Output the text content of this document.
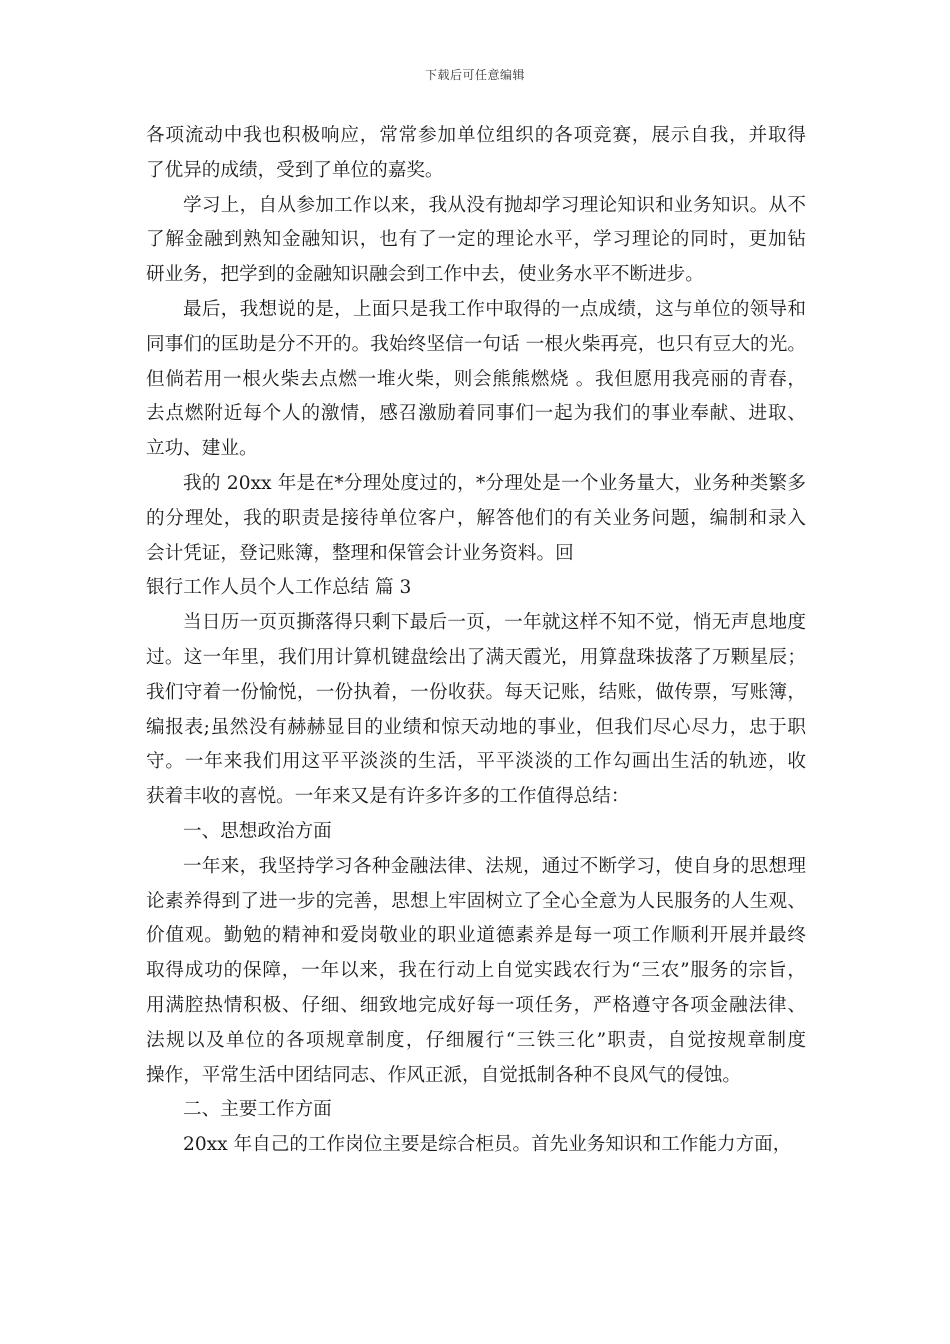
下载后可任意编辑
各项流动中我也积极响应，常常参加单位组织的各项竞赛，展示自我，并取得
了优异的成绩，受到了单位的嘉奖。
学习上，自从参加工作以来，我从没有抛却学习理论知识和业务知识。从不
了解金融到熟知金融知识，也有了一定的理论水平，学习理论的同时，更加钻
研业务，把学到的金融知识融会到工作中去，使业务水平不断进步。
最后，我想说的是，上面只是我工作中取得的一点成绩，这与单位的领导和
同事们的匡助是分不开的。我始终坚信一句话 一根火柴再亮，也只有豆大的光。
但倘若用一根火柴去点燃一堆火柴，则会熊熊燃烧 。我但愿用我亮丽的青春，
去点燃附近每个人的激情，感召激励着同事们一起为我们的事业奉献、进取、
立功、建业。
我的 20xx 年是在*分理处度过的，*分理处是一个业务量大，业务种类繁多
的分理处，我的职责是接待单位客户，解答他们的有关业务问题，编制和录入
会计凭证，登记账簿，整理和保管会计业务资料。回
银行工作人员个人工作总结 篇 3
当日历一页页撕落得只剩下最后一页，一年就这样不知不觉，悄无声息地度
过。这一年里，我们用计算机键盘绘出了满天霞光，用算盘珠拔落了万颗星辰；
我们守着一份愉悦，一份执着，一份收获。每天记账，结账，做传票，写账簿，
编报表;虽然没有赫赫显目的业绩和惊天动地的事业，但我们尽心尽力，忠于职
守。一年来我们用这平平淡淡的生活，平平淡淡的工作勾画出生活的轨迹，收
获着丰收的喜悦。一年来又是有许多许多的工作值得总结：
一、思想政治方面
一年来，我坚持学习各种金融法律、法规，通过不断学习，使自身的思想理
论素养得到了进一步的完善，思想上牢固树立了全心全意为人民服务的人生观、
价值观。勤勉的精神和爱岗敬业的职业道德素养是每一项工作顺利开展并最终
取得成功的保障，一年以来，我在行动上自觉实践农行为“三农”服务的宗旨，
用满腔热情积极、仔细、细致地完成好每一项任务，严格遵守各项金融法律、
法规以及单位的各项规章制度，仔细履行“三铁三化”职责，自觉按规章制度
操作，平常生活中团结同志、作风正派，自觉抵制各种不良风气的侵蚀。
二、主要工作方面
20xx 年自己的工作岗位主要是综合柜员。首先业务知识和工作能力方面，
